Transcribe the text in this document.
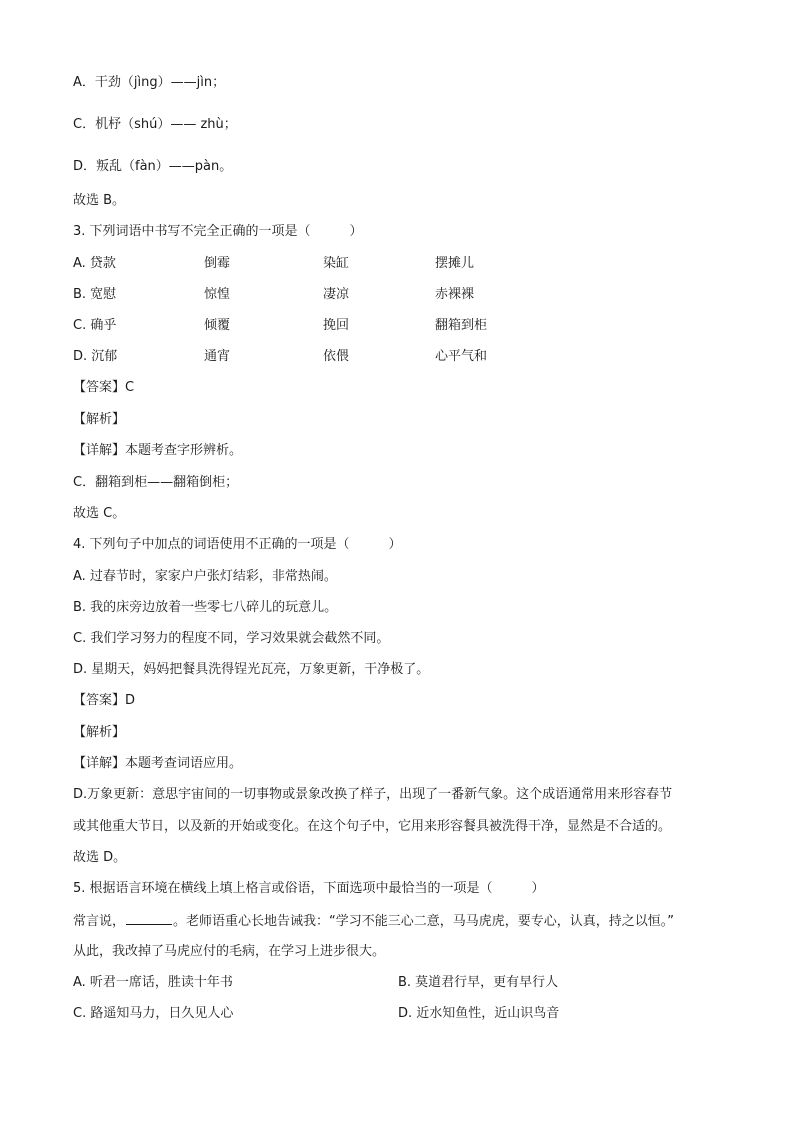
A．干劲（jìng）——jìn；
C．机杼（shú）—— zhù；
D．叛乱（fàn）——pàn。
故选 B。
3. 下列词语中书写不完全正确的一项是（　　　）
A. 贷款	倒霉	染缸	摆摊儿
B. 宽慰	惊惶	凄凉	赤裸裸
C. 确乎	倾覆	挽回	翻箱到柜
D. 沉郁	通宵	依偎	心平气和
【答案】C
【解析】
【详解】本题考查字形辨析。
C．翻箱到柜——翻箱倒柜；
故选 C。
4. 下列句子中加点的词语使用不正确的一项是（　　　）
A. 过春节时，家家户户张灯结彩，非常热闹。
B. 我的床旁边放着一些零七八碎儿的玩意儿。
C. 我们学习努力的程度不同，学习效果就会截然不同。
D. 星期天，妈妈把餐具洗得锃光瓦亮，万象更新，干净极了。
【答案】D
【解析】
【详解】本题考查词语应用。
D.万象更新：意思宇宙间的一切事物或景象改换了样子，出现了一番新气象。这个成语通常用来形容春节
或其他重大节日，以及新的开始或变化。在这个句子中，它用来形容餐具被洗得干净，显然是不合适的。
故选 D。
5. 根据语言环境在横线上填上格言或俗语，下面选项中最恰当的一项是（　　　）
常言说，	。老师语重心长地告诫我：“学习不能三心二意，马马虎虎，要专心，认真，持之以恒。”
从此，我改掉了马虎应付的毛病，在学习上进步很大。
A. 听君一席话，胜读十年书	B. 莫道君行早，更有早行人
C. 路遥知马力，日久见人心	D. 近水知鱼性，近山识鸟音
